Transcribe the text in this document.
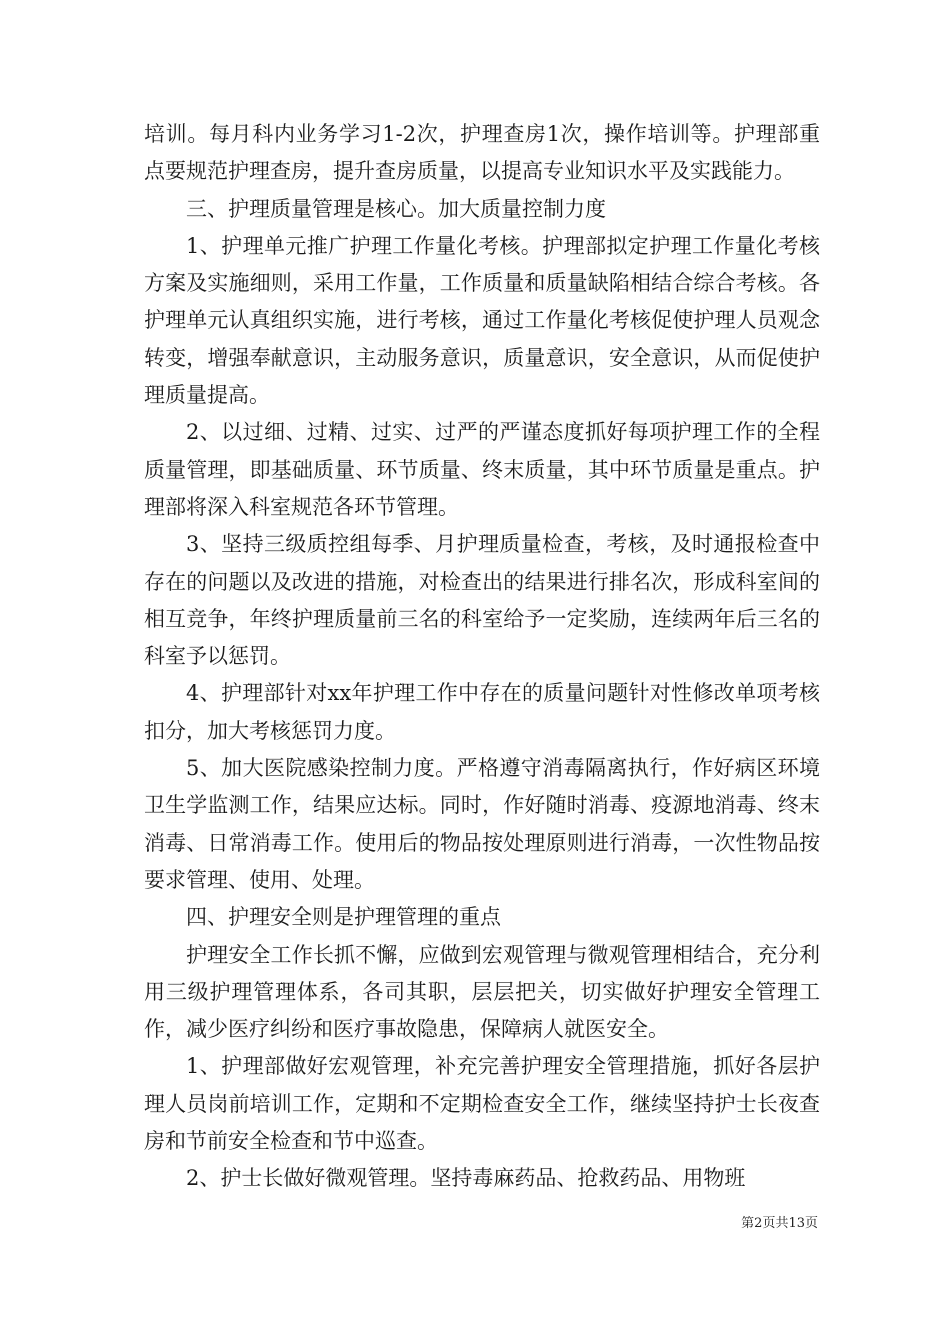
培训。每月科内业务学习1-2次，护理查房1次，操作培训等。护理部重点要规范护理查房，提升查房质量，以提高专业知识水平及实践能力。

三、护理质量管理是核心。加大质量控制力度

1、护理单元推广护理工作量化考核。护理部拟定护理工作量化考核方案及实施细则，采用工作量，工作质量和质量缺陷相结合综合考核。各护理单元认真组织实施，进行考核，通过工作量化考核促使护理人员观念转变，增强奉献意识，主动服务意识，质量意识，安全意识，从而促使护理质量提高。

2、以过细、过精、过实、过严的严谨态度抓好每项护理工作的全程质量管理，即基础质量、环节质量、终末质量，其中环节质量是重点。护理部将深入科室规范各环节管理。

3、坚持三级质控组每季、月护理质量检查，考核，及时通报检查中存在的问题以及改进的措施，对检查出的结果进行排名次，形成科室间的相互竞争，年终护理质量前三名的科室给予一定奖励，连续两年后三名的科室予以惩罚。

4、护理部针对xx年护理工作中存在的质量问题针对性修改单项考核扣分，加大考核惩罚力度。

5、加大医院感染控制力度。严格遵守消毒隔离执行，作好病区环境卫生学监测工作，结果应达标。同时，作好随时消毒、疫源地消毒、终末消毒、日常消毒工作。使用后的物品按处理原则进行消毒，一次性物品按要求管理、使用、处理。

四、护理安全则是护理管理的重点

护理安全工作长抓不懈，应做到宏观管理与微观管理相结合，充分利用三级护理管理体系，各司其职，层层把关，切实做好护理安全管理工作，减少医疗纠纷和医疗事故隐患，保障病人就医安全。

1、护理部做好宏观管理，补充完善护理安全管理措施，抓好各层护理人员岗前培训工作，定期和不定期检查安全工作，继续坚持护士长夜查房和节前安全检查和节中巡查。

2、护士长做好微观管理。坚持毒麻药品、抢救药品、用物班

第2页共13页
